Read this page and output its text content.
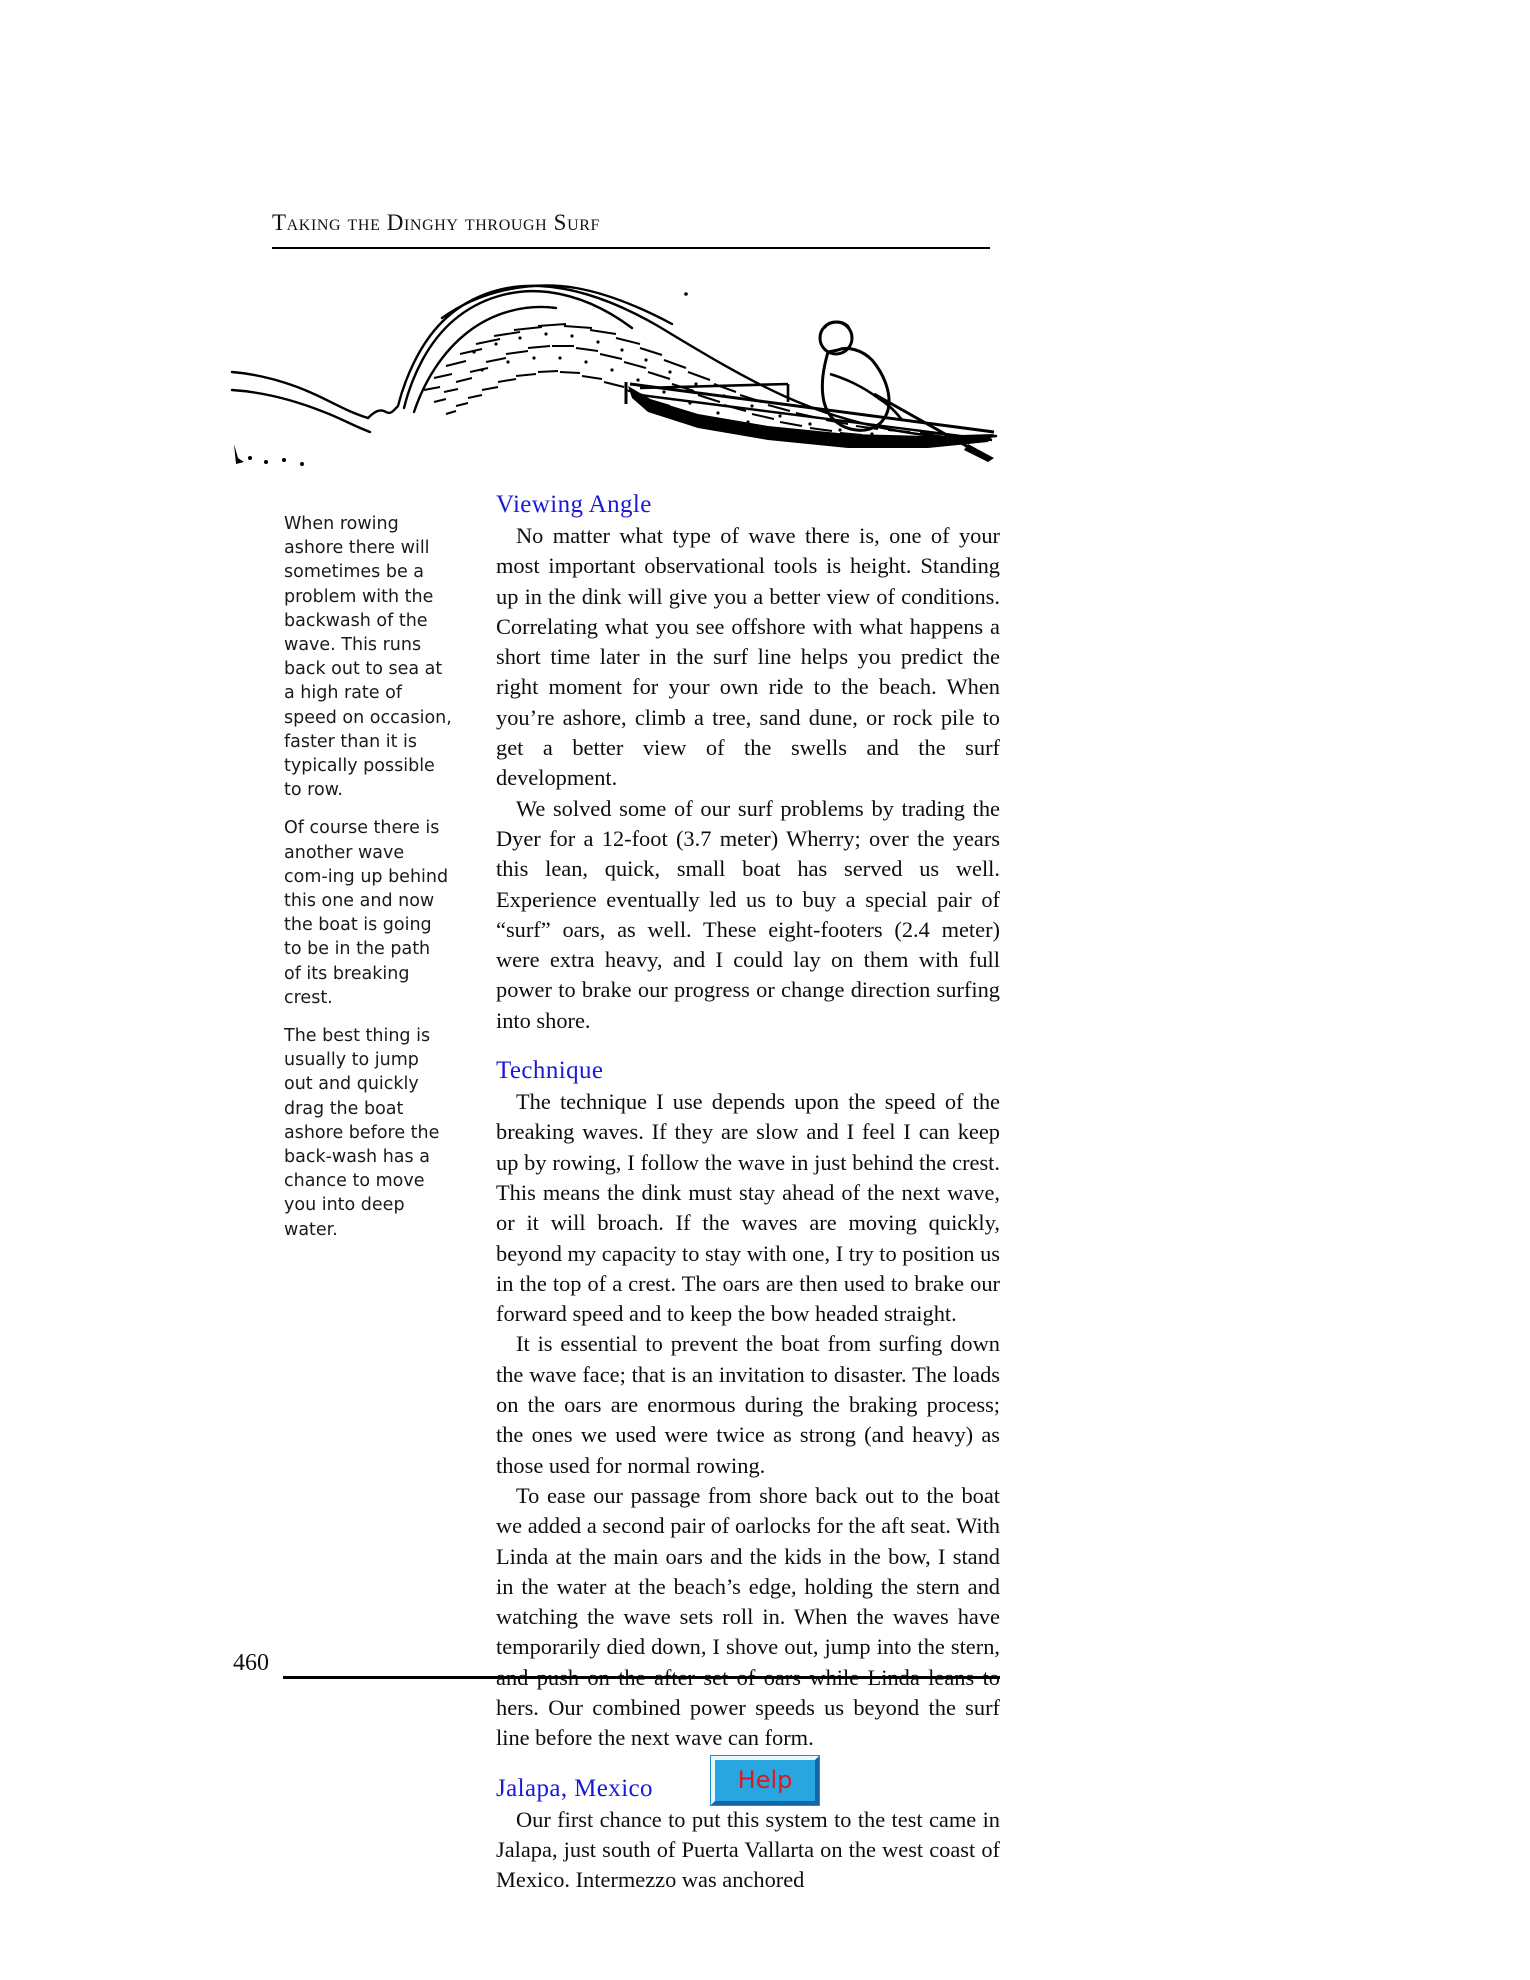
Taking the Dinghy through Surf

When rowing ashore there will sometimes be a problem with the backwash of the wave. This runs back out to sea at a high rate of speed on occasion, faster than it is typically possible to row.

Of course there is another wave com-ing up behind this one and now the boat is going to be in the path of its breaking crest.

The best thing is usually to jump out and quickly drag the boat ashore before the back-wash has a chance to move you into deep water.

Viewing Angle

No matter what type of wave there is, one of your most important observational tools is height. Standing up in the dink will give you a better view of conditions. Correlating what you see offshore with what happens a short time later in the surf line helps you predict the right moment for your own ride to the beach. When you’re ashore, climb a tree, sand dune, or rock pile to get a better view of the swells and the surf development.

We solved some of our surf problems by trading the Dyer for a 12-foot (3.7 meter) Wherry; over the years this lean, quick, small boat has served us well. Experience eventually led us to buy a special pair of “surf” oars, as well. These eight-footers (2.4 meter) were extra heavy, and I could lay on them with full power to brake our progress or change direction surfing into shore.

Technique

The technique I use depends upon the speed of the breaking waves. If they are slow and I feel I can keep up by rowing, I follow the wave in just behind the crest. This means the dink must stay ahead of the next wave, or it will broach. If the waves are moving quickly, beyond my capacity to stay with one, I try to position us in the top of a crest. The oars are then used to brake our forward speed and to keep the bow headed straight.

It is essential to prevent the boat from surfing down the wave face; that is an invitation to disaster. The loads on the oars are enormous during the braking process; the ones we used were twice as strong (and heavy) as those used for normal rowing.

To ease our passage from shore back out to the boat we added a second pair of oarlocks for the aft seat. With Linda at the main oars and the kids in the bow, I stand in the water at the beach’s edge, holding the stern and watching the wave sets roll in. When the waves have temporarily died down, I shove out, jump into the stern, and push on the after set of oars while Linda leans to hers. Our combined power speeds us beyond the surf line before the next wave can form.

Jalapa, Mexico

Our first chance to put this system to the test came in Jalapa, just south of Puerta Vallarta on the west coast of Mexico. Intermezzo was anchored

460
Help
